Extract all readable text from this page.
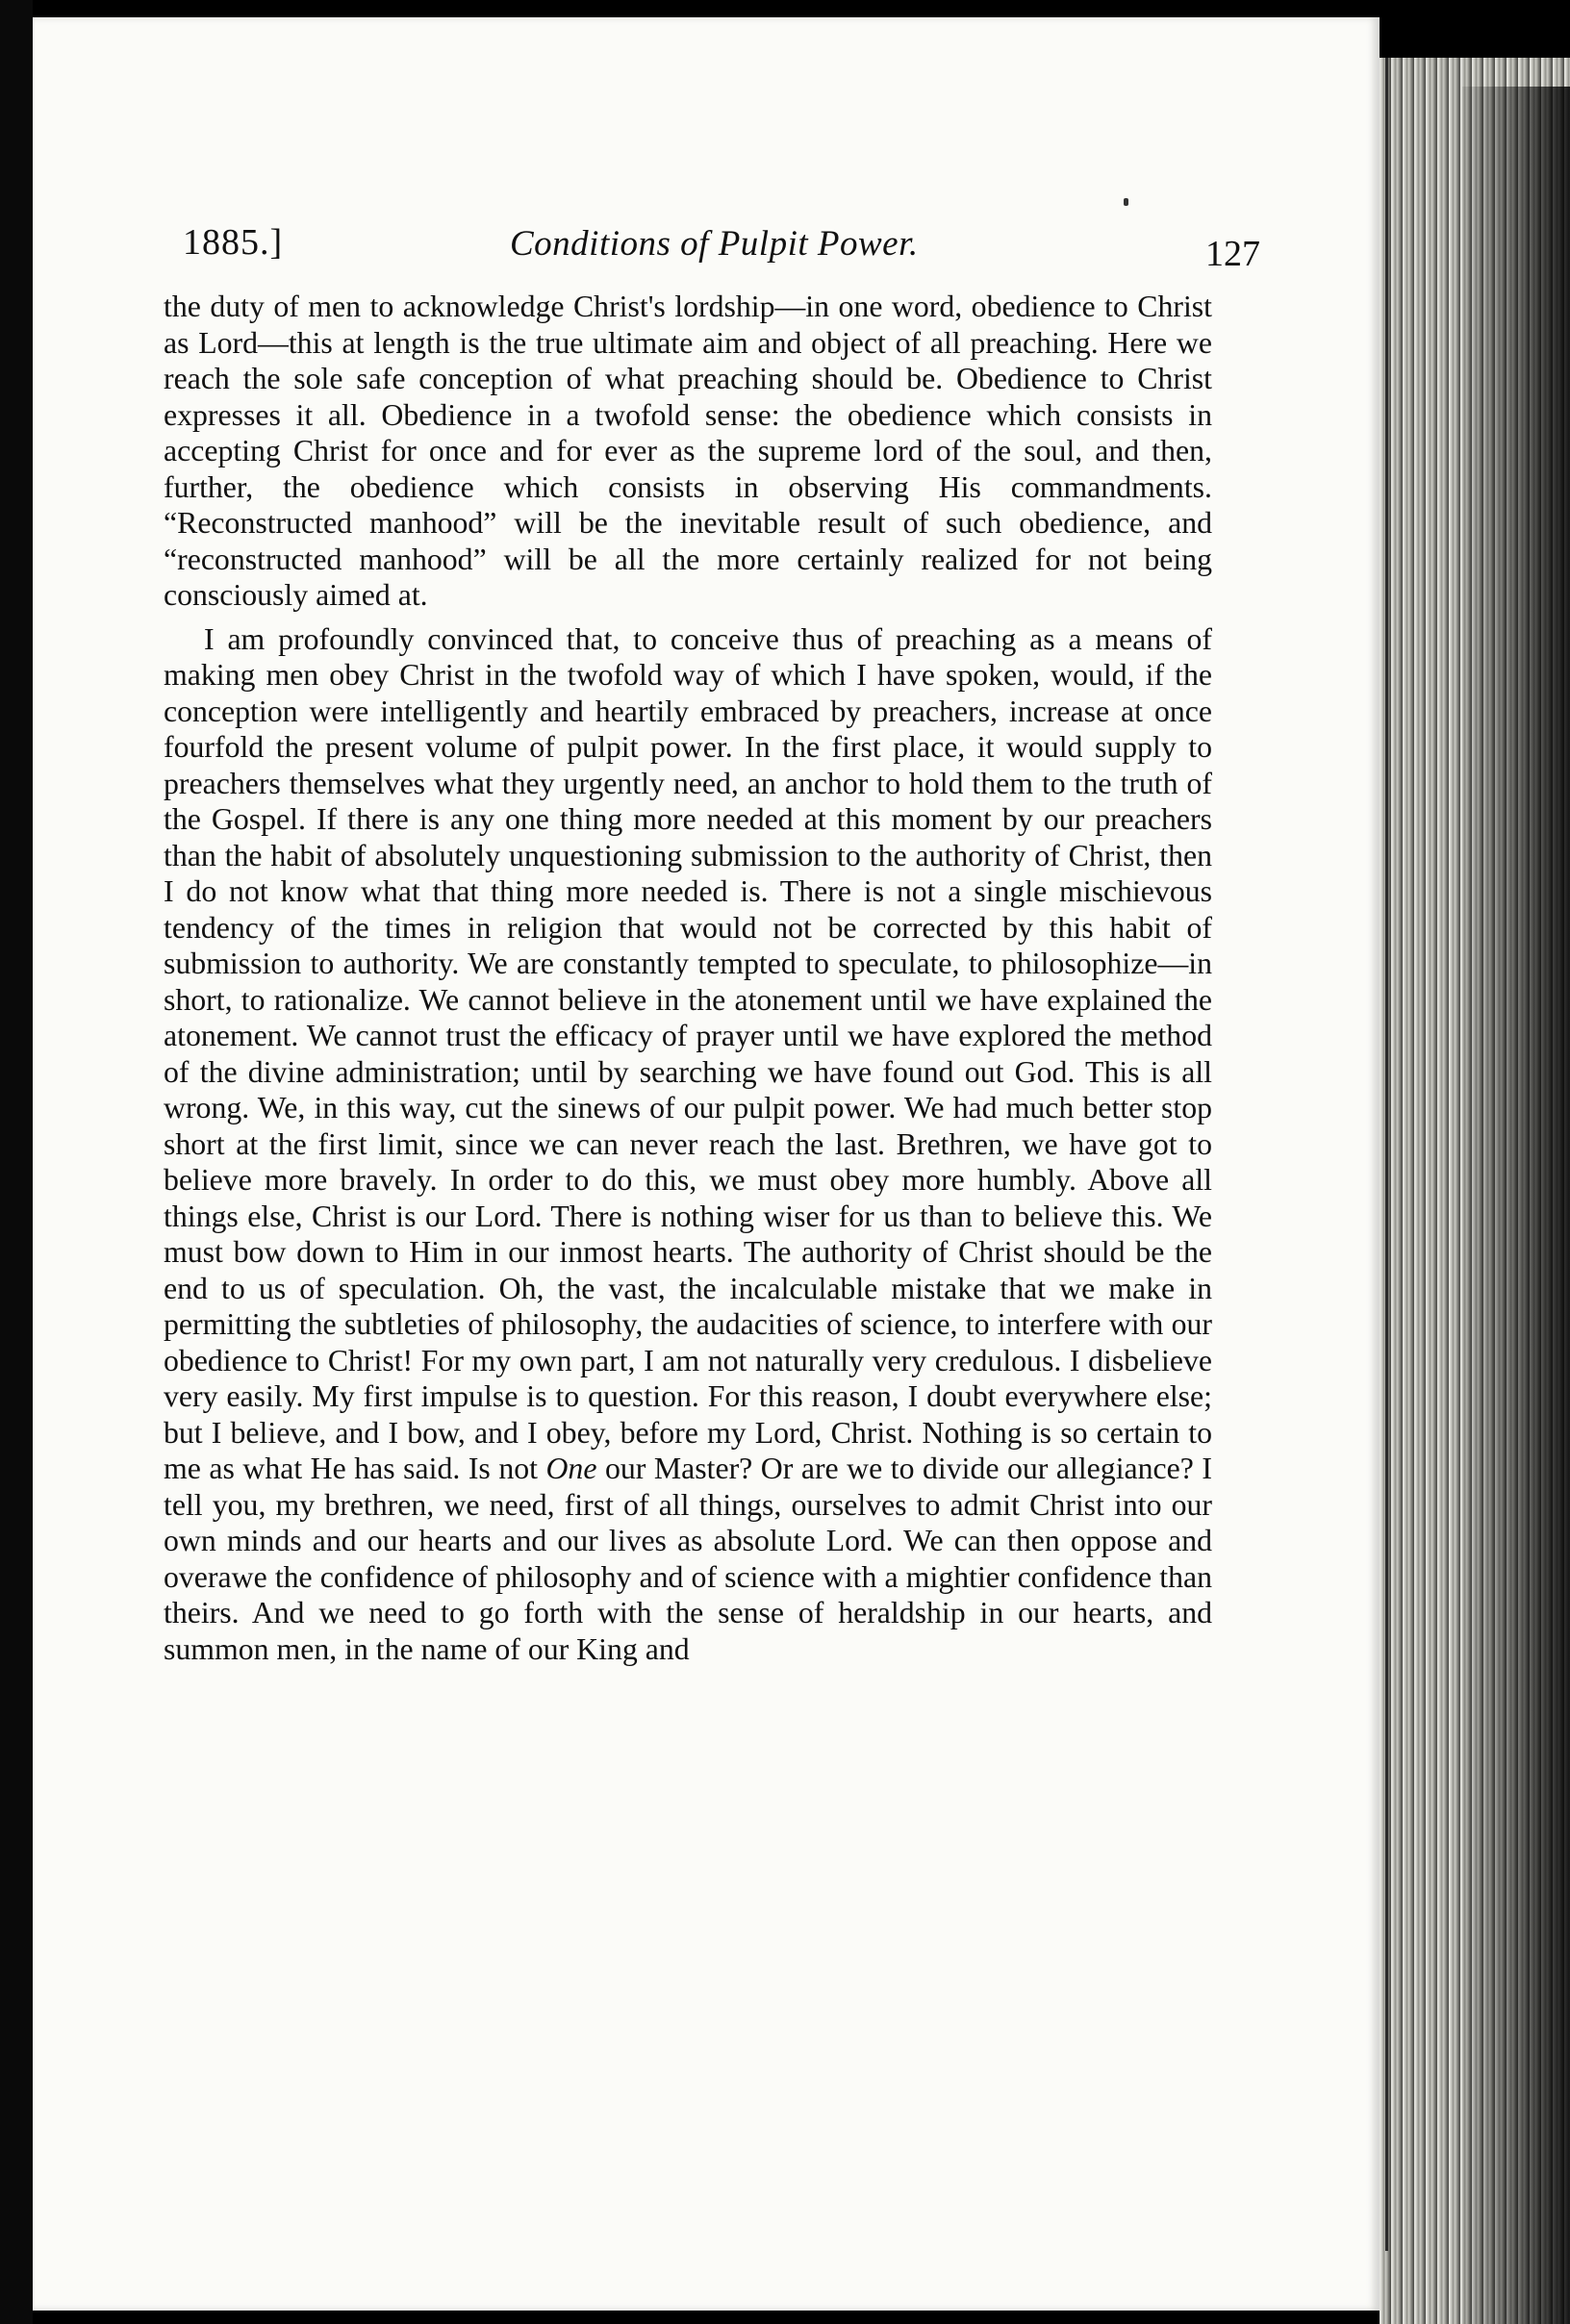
1885.]	Conditions of Pulpit Power.	127

the duty of men to acknowledge Christ's lordship—in one word, obedience to Christ as Lord—this at length is the true ultimate aim and object of all preaching. Here we reach the sole safe conception of what preaching should be. Obedience to Christ expresses it all. Obedience in a twofold sense: the obedience which consists in accepting Christ for once and for ever as the supreme lord of the soul, and then, further, the obedience which consists in observing His commandments. “Reconstructed manhood” will be the inevitable result of such obedience, and “reconstructed manhood” will be all the more certainly realized for not being consciously aimed at.

I am profoundly convinced that, to conceive thus of preaching as a means of making men obey Christ in the twofold way of which I have spoken, would, if the conception were intelligently and heartily embraced by preachers, increase at once fourfold the present volume of pulpit power. In the first place, it would supply to preachers themselves what they urgently need, an anchor to hold them to the truth of the Gospel. If there is any one thing more needed at this moment by our preachers than the habit of absolutely unquestioning submission to the authority of Christ, then I do not know what that thing more needed is. There is not a single mischievous tendency of the times in religion that would not be corrected by this habit of submission to authority. We are constantly tempted to speculate, to philosophize—in short, to rationalize. We cannot believe in the atonement until we have explained the atonement. We cannot trust the efficacy of prayer until we have explored the method of the divine administration; until by searching we have found out God. This is all wrong. We, in this way, cut the sinews of our pulpit power. We had much better stop short at the first limit, since we can never reach the last. Brethren, we have got to believe more bravely. In order to do this, we must obey more humbly. Above all things else, Christ is our Lord. There is nothing wiser for us than to believe this. We must bow down to Him in our inmost hearts. The authority of Christ should be the end to us of speculation. Oh, the vast, the incalculable mistake that we make in permitting the subtleties of philosophy, the audacities of science, to interfere with our obedience to Christ! For my own part, I am not naturally very credulous. I disbelieve very easily. My first impulse is to question. For this reason, I doubt everywhere else; but I believe, and I bow, and I obey, before my Lord, Christ. Nothing is so certain to me as what He has said. Is not One our Master? Or are we to divide our allegiance? I tell you, my brethren, we need, first of all things, ourselves to admit Christ into our own minds and our hearts and our lives as absolute Lord. We can then oppose and overawe the confidence of philosophy and of science with a mightier confidence than theirs. And we need to go forth with the sense of heraldship in our hearts, and summon men, in the name of our King and
